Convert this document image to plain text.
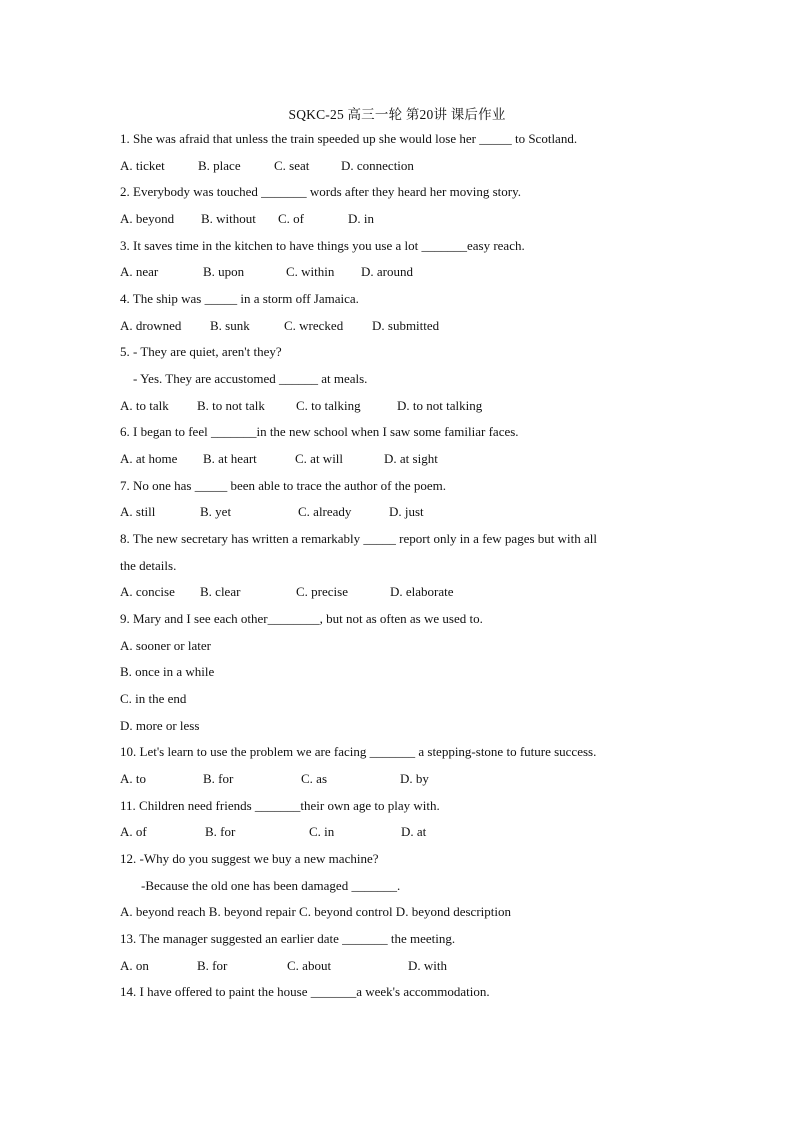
SQKC-25 高三一轮 第20讲 课后作业
1. She was afraid that unless the train speeded up she would lose her _____ to Scotland.
A. ticket	B. place	C. seat D. connection
2. Everybody was touched _______ words after they heard her moving story.
A. beyond B. without C. of	D. in
3. It saves time in the kitchen to have things you use a lot _______easy reach.
A. near	B. upon	C. within D. around
4. The ship was _____ in a storm off Jamaica.
A. drowned B. sunk	C. wrecked D. submitted
5. - They are quiet, aren't they?
- Yes. They are accustomed ______ at meals.
A. to talk B. to not talk C. to talking	D. to not talking
6. I began to feel _______in the new school when I saw some familiar faces.
A. at home B. at heart	C. at will	D. at sight
7. No one has _____ been able to trace the author of the poem.
A. still	B. yet	C. already	D. just
8. The new secretary has written a remarkably _____ report only in a few pages but with all
the details.
A. concise B. clear	C. precise	D. elaborate
9. Mary and I see each other________, but not as often as we used to.
A. sooner or later
B. once in a while
C. in the end
D. more or less
10. Let's learn to use the problem we are facing _______ a stepping-stone to future success.
A. to	B. for	C. as	D. by
11. Children need friends _______their own age to play with.
A. of	B. for	C. in	D. at
12. -Why do you suggest we buy a new machine?
-Because the old one has been damaged _______.
A. beyond reach B. beyond repair C. beyond control D. beyond description
13. The manager suggested an earlier date _______ the meeting.
A. on	B. for	C. about	D. with
14. I have offered to paint the house _______a week's accommodation.
